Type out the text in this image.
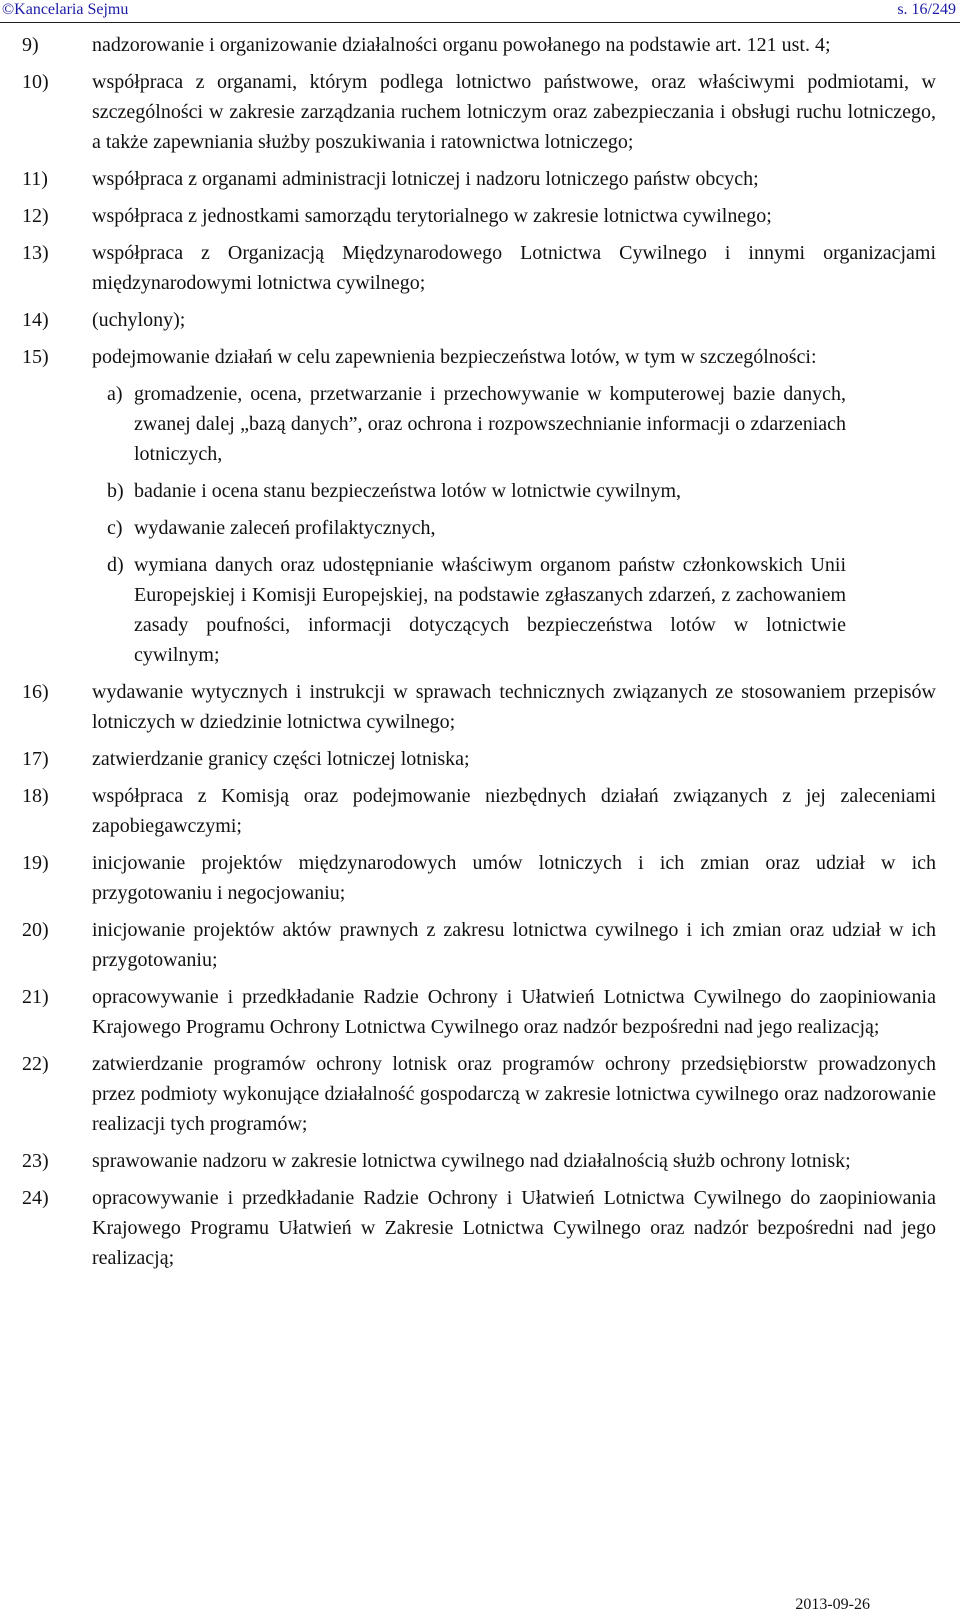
©Kancelaria Sejmu	s. 16/249
9)	nadzorowanie i organizowanie działalności organu powołanego na podstawie art. 121 ust. 4;
10) współpraca z organami, którym podlega lotnictwo państwowe, oraz właściwymi podmiotami, w szczególności w zakresie zarządzania ruchem lotniczym oraz zabezpieczania i obsługi ruchu lotniczego, a także zapewniania służby poszukiwania i ratownictwa lotniczego;
11) współpraca z organami administracji lotniczej i nadzoru lotniczego państw obcych;
12) współpraca z jednostkami samorządu terytorialnego w zakresie lotnictwa cywilnego;
13) współpraca z Organizacją Międzynarodowego Lotnictwa Cywilnego i innymi organizacjami międzynarodowymi lotnictwa cywilnego;
14) (uchylony);
15) podejmowanie działań w celu zapewnienia bezpieczeństwa lotów, w tym w szczególności:
a) gromadzenie, ocena, przetwarzanie i przechowywanie w komputerowej bazie danych, zwanej dalej „bazą danych”, oraz ochrona i rozpowszechnianie informacji o zdarzeniach lotniczych,
b) badanie i ocena stanu bezpieczeństwa lotów w lotnictwie cywilnym,
c) wydawanie zaleceń profilaktycznych,
d) wymiana danych oraz udostępnianie właściwym organom państw członkowskich Unii Europejskiej i Komisji Europejskiej, na podstawie zgłaszanych zdarzeń, z zachowaniem zasady poufności, informacji dotyczących bezpieczeństwa lotów w lotnictwie cywilnym;
16) wydawanie wytycznych i instrukcji w sprawach technicznych związanych ze stosowaniem przepisów lotniczych w dziedzinie lotnictwa cywilnego;
17) zatwierdzanie granicy części lotniczej lotniska;
18) współpraca z Komisją oraz podejmowanie niezbędnych działań związanych z jej zaleceniami zapobiegawczymi;
19) inicjowanie projektów międzynarodowych umów lotniczych i ich zmian oraz udział w ich przygotowaniu i negocjowaniu;
20) inicjowanie projektów aktów prawnych z zakresu lotnictwa cywilnego i ich zmian oraz udział w ich przygotowaniu;
21) opracowywanie i przedkładanie Radzie Ochrony i Ułatwień Lotnictwa Cywilnego do zaopiniowania Krajowego Programu Ochrony Lotnictwa Cywilnego oraz nadzór bezpośredni nad jego realizacją;
22) zatwierdzanie programów ochrony lotnisk oraz programów ochrony przedsiębiorstw prowadzonych przez podmioty wykonujące działalność gospodarczą w zakresie lotnictwa cywilnego oraz nadzorowanie realizacji tych programów;
23) sprawowanie nadzoru w zakresie lotnictwa cywilnego nad działalnością służb ochrony lotnisk;
24) opracowywanie i przedkładanie Radzie Ochrony i Ułatwień Lotnictwa Cywilnego do zaopiniowania Krajowego Programu Ułatwień w Zakresie Lotnictwa Cywilnego oraz nadzór bezpośredni nad jego realizacją;
2013-09-26
